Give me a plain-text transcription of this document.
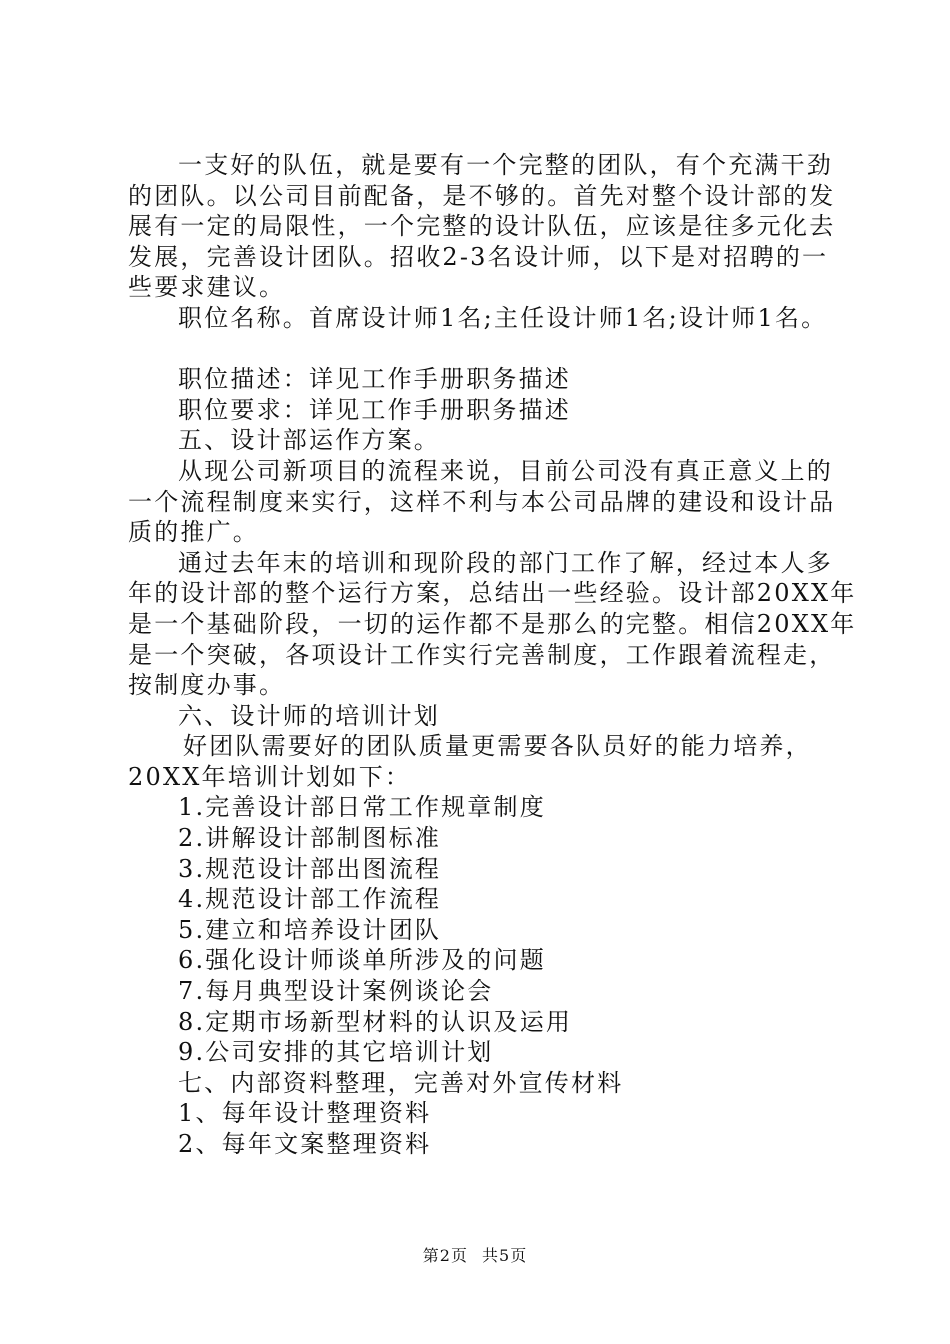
一支好的队伍，就是要有一个完整的团队，有个充满干劲

的团队。以公司目前配备，是不够的。首先对整个设计部的发

展有一定的局限性，一个完整的设计队伍，应该是往多元化去

发展，完善设计团队。招收2-3名设计师，以下是对招聘的一

些要求建议。

职位名称。首席设计师1名;主任设计师1名;设计师1名。

职位描述：详见工作手册职务描述

职位要求：详见工作手册职务描述

五、设计部运作方案。

从现公司新项目的流程来说，目前公司没有真正意义上的

一个流程制度来实行，这样不利与本公司品牌的建设和设计品

质的推广。

通过去年末的培训和现阶段的部门工作了解，经过本人多

年的设计部的整个运行方案，总结出一些经验。设计部20XX年

是一个基础阶段，一切的运作都不是那么的完整。相信20XX年

是一个突破，各项设计工作实行完善制度，工作跟着流程走，

按制度办事。

六、设计师的培训计划

好团队需要好的团队质量更需要各队员好的能力培养，

20XX年培训计划如下：

1.完善设计部日常工作规章制度

2.讲解设计部制图标准

3.规范设计部出图流程

4.规范设计部工作流程

5.建立和培养设计团队

6.强化设计师谈单所涉及的问题

7.每月典型设计案例谈论会

8.定期市场新型材料的认识及运用

9.公司安排的其它培训计划

七、内部资料整理，完善对外宣传材料

1、每年设计整理资料

2、每年文案整理资料

第2页 共5页
